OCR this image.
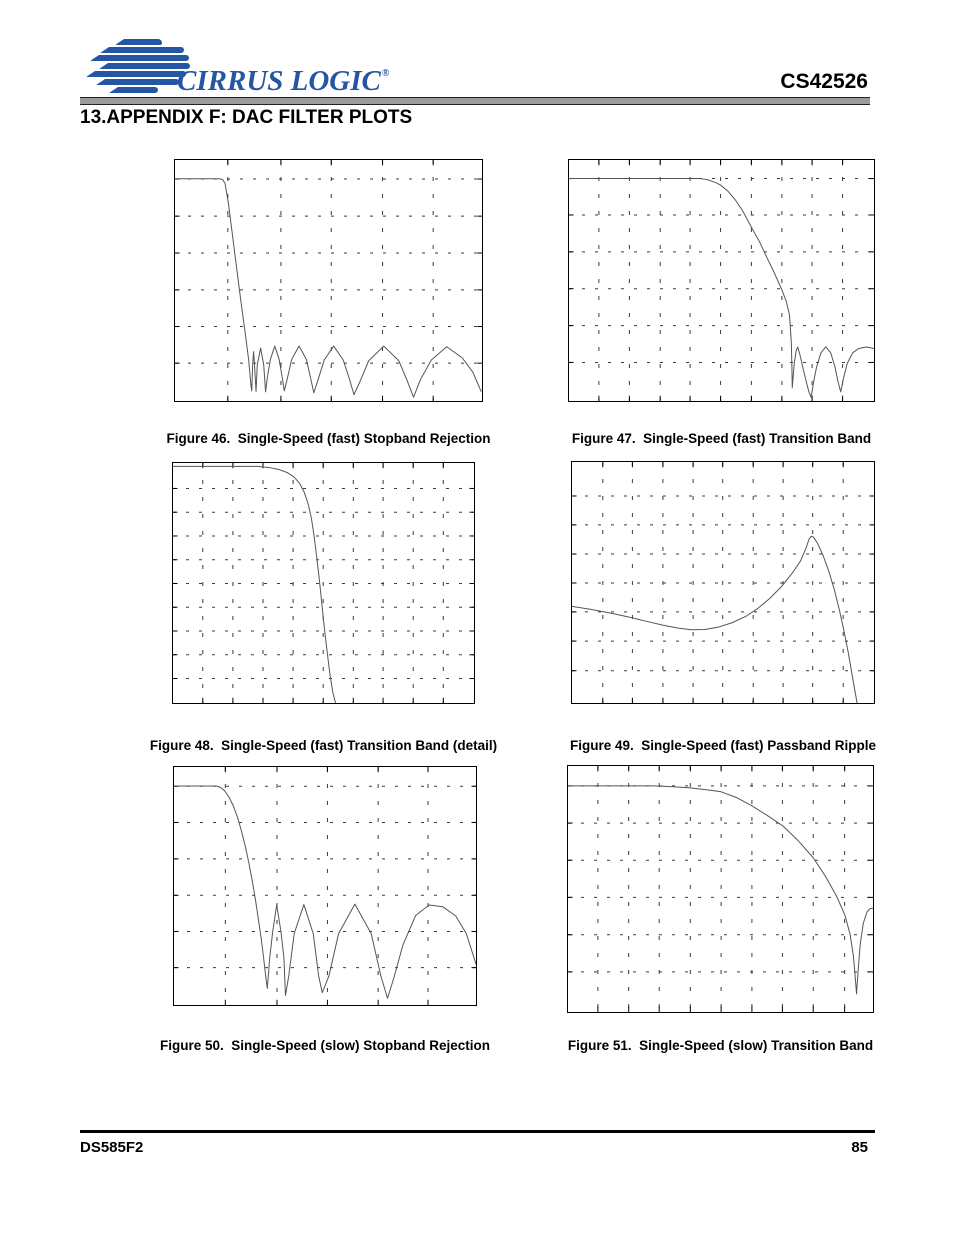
CIRRUS LOGIC®	CS42526
13.APPENDIX F: DAC FILTER PLOTS
Figure 46.  Single-Speed (fast) Stopband Rejection	Figure 47.  Single-Speed (fast) Transition Band
Figure 48.  Single-Speed (fast) Transition Band (detail)	Figure 49.  Single-Speed (fast) Passband Ripple
Figure 50.  Single-Speed (slow) Stopband Rejection	Figure 51.  Single-Speed (slow) Transition Band
DS585F2	85
